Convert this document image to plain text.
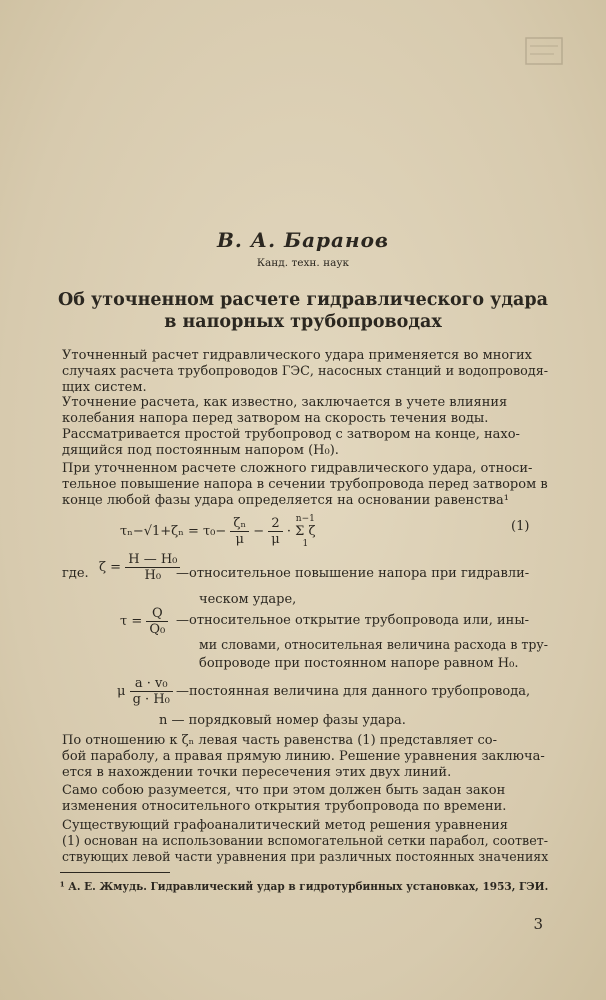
В. А. Баранов
Канд. техн. наук
Об уточненном расчете гидравлического удара
в напорных трубопроводах
Уточненный расчет гидравлического удара применяется во многих
случаях расчета трубопроводов ГЭС, насосных станций и водопроводя-
щих систем.
Уточнение расчета, как известно, заключается в учете влияния
колебания напора перед затвором на скорость течения воды.
Рассматривается простой трубопровод с затвором на конце, нахо-
дящийся под постоянным напором (H₀).
При уточненном расчете сложного гидравлического удара, относи-
тельное повышение напора в сечении трубопровода перед затвором в
конце любой фазы удара определяется на основании равенства¹
$\tau_n-√1+\zeta_n = \tau_0- \frac{\text{ζₙ}}{\mu} - \frac{2}{\mu}$ ·
n−1
Σ ζ
1
(1)
где. $\zeta = \frac{\text{H — H₀}}{\text{H₀}}$
—относительное повышение напора при гидравли-
ческом ударе,
$\tau = \frac{Q}{\text{Q₀}}$ —относительное открытие трубопровода или, ины-
ми словами, относительная величина расхода в тру-
бопроводе при постоянном напоре равном H₀.
μ $\frac{\text{a · v₀}}{\text{g · H₀}}$ —постоянная величина для данного трубопровода,
n — порядковый номер фазы удара.
По отношению к ζₙ левая часть равенства (1) представляет со-
бой параболу, а правая прямую линию. Решение уравнения заключа-
ется в нахождении точки пересечения этих двух линий.
Само собою разумеется, что при этом должен быть задан закон
изменения относительного открытия трубопровода по времени.
Существующий графоаналитический метод решения уравнения
(1) основан на использовании вспомогательной сетки парабол, соответ-
ствующих левой части уравнения при различных постоянных значениях
¹ А. Е. Жмудь. Гидравлический удар в гидротурбинных установках, 1953, ГЭИ.
3
